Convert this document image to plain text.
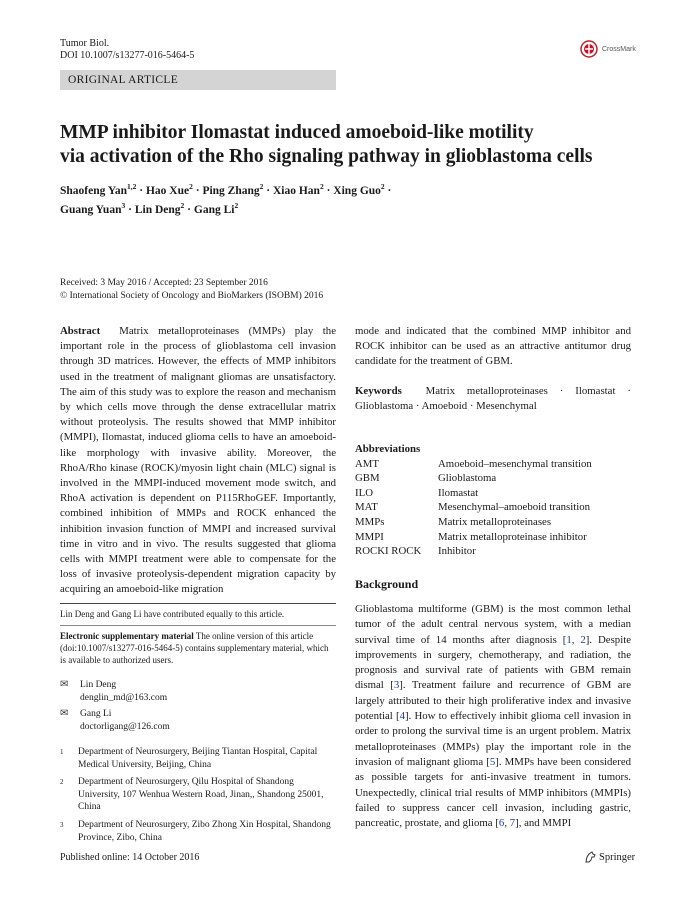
Tumor Biol.
DOI 10.1007/s13277-016-5464-5
CrossMark
ORIGINAL ARTICLE
MMP inhibitor Ilomastat induced amoeboid-like motility
via activation of the Rho signaling pathway in glioblastoma cells
Shaofeng Yan$^{1,2}$ · Hao Xue$^2$ · Ping Zhang$^2$ · Xiao Han$^2$ · Xing Guo$^2$ ·
Guang Yuan$^3$ · Lin Deng$^2$ · Gang Li$^2$
Received: 3 May 2016 / Accepted: 23 September 2016
© International Society of Oncology and BioMarkers (ISOBM) 2016
Abstract Matrix metalloproteinases (MMPs) play the important role in the process of glioblastoma cell invasion through 3D matrices. However, the effects of MMP inhibitors used in the treatment of malignant gliomas are unsatisfactory. The aim of this study was to explore the reason and mechanism by which cells move through the dense extracellular matrix without proteolysis. The results showed that MMP inhibitor (MMPI), Ilomastat, induced glioma cells to have an amoeboid-like morphology with invasive ability. Moreover, the RhoA/Rho kinase (ROCK)/myosin light chain (MLC) signal is involved in the MMPI-induced movement mode switch, and RhoA activation is dependent on P115RhoGEF. Importantly, combined inhibition of MMPs and ROCK enhanced the inhibition invasion function of MMPI and increased survival time in vitro and in vivo. The results suggested that glioma cells with MMPI treatment were able to compensate for the loss of invasive proteolysis-dependent migration capacity by acquiring an amoeboid-like migration
Lin Deng and Gang Li have contributed equally to this article.
Electronic supplementary material The online version of this article (doi:10.1007/s13277-016-5464-5) contains supplementary material, which is available to authorized users.
✉	Lin Deng
denglin_md@163.com
✉	Gang Li
doctorligang@126.com
1	Department of Neurosurgery, Beijing Tiantan Hospital, Capital Medical University, Beijing, China
2	Department of Neurosurgery, Qilu Hospital of Shandong University, 107 Wenhua Western Road, Jinan,, Shandong 25001, China
3	Department of Neurosurgery, Zibo Zhong Xin Hospital, Shandong Province, Zibo, China
mode and indicated that the combined MMP inhibitor and ROCK inhibitor can be used as an attractive antitumor drug candidate for the treatment of GBM.
Keywords Matrix metalloproteinases · Ilomastat · Glioblastoma · Amoeboid · Mesenchymal
Abbreviations
AMT	Amoeboid–mesenchymal transition
GBM	Glioblastoma
ILO	Ilomastat
MAT	Mesenchymal–amoeboid transition
MMPs	Matrix metalloproteinases
MMPI	Matrix metalloproteinase inhibitor
ROCKI ROCK	Inhibitor
Background
Glioblastoma multiforme (GBM) is the most common lethal tumor of the adult central nervous system, with a median survival time of 14 months after diagnosis [1, 2]. Despite improvements in surgery, chemotherapy, and radiation, the prognosis and survival rate of patients with GBM remain dismal [3]. Treatment failure and recurrence of GBM are largely attributed to their high proliferative index and invasive potential [4]. How to effectively inhibit glioma cell invasion in order to prolong the survival time is an urgent problem. Matrix metalloproteinases (MMPs) play the important role in the invasion of malignant glioma [5]. MMPs have been considered as possible targets for anti-invasive treatment in tumors. Unexpectedly, clinical trial results of MMP inhibitors (MMPIs) failed to suppress cancer cell invasion, including gastric, pancreatic, prostate, and glioma [6, 7], and MMPI
Published online: 14 October 2016	Springer
